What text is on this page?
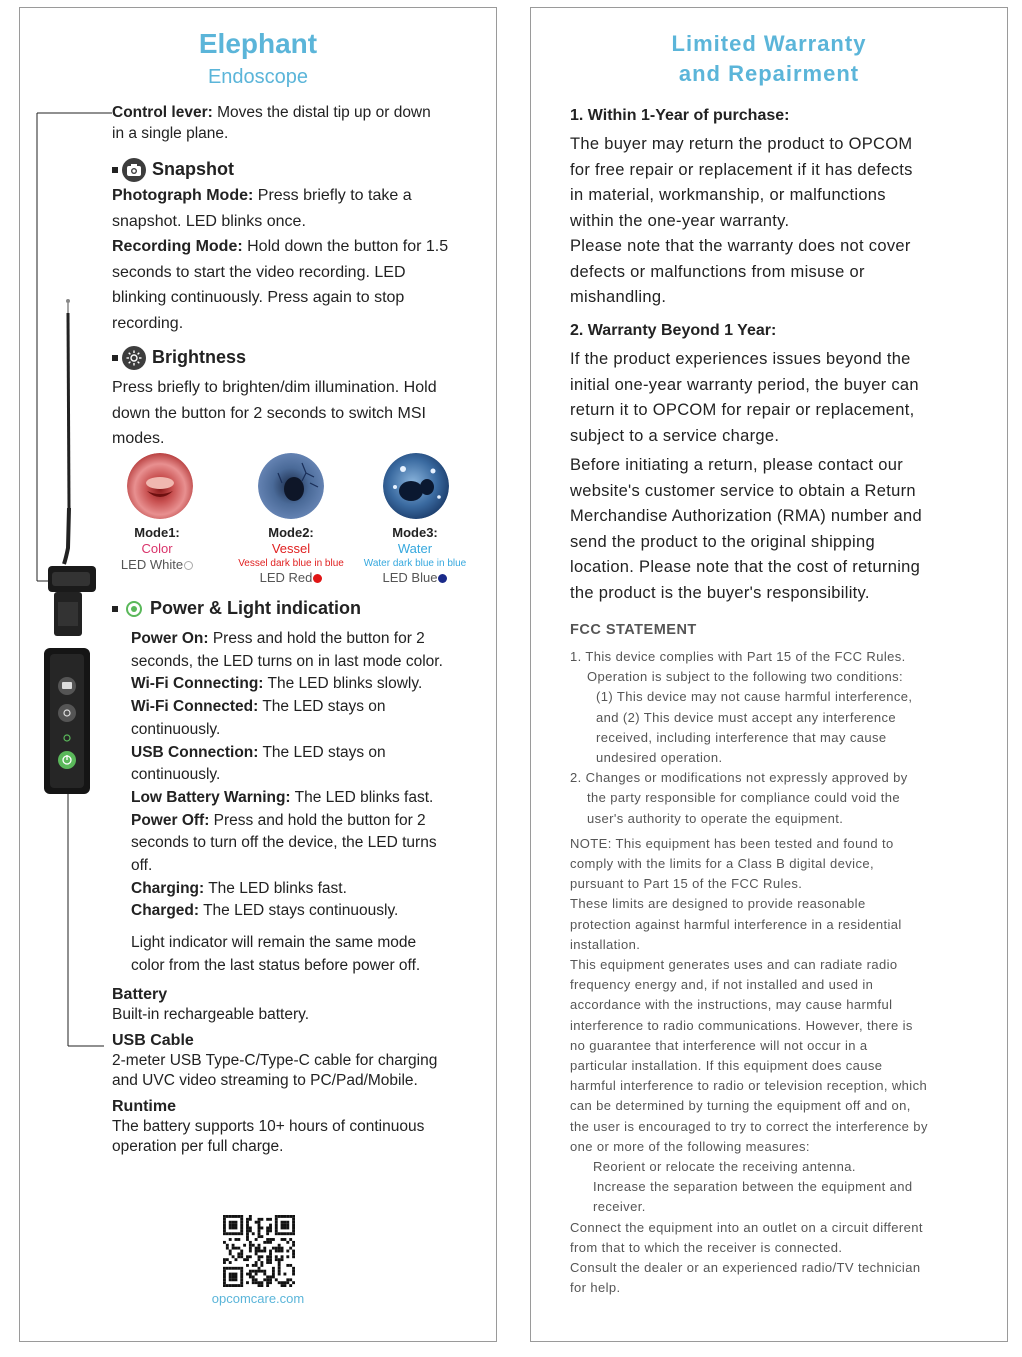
Elephant
Endoscope
Control lever: Moves the distal tip up or down
in a single plane.
Snapshot
Photograph Mode: Press briefly to take a
snapshot. LED blinks once.
Recording Mode: Hold down the button for 1.5
seconds to start the video recording. LED
blinking continuously. Press again to stop
recording.
Brightness
Press briefly to brighten/dim illumination. Hold
down the button for 2 seconds to switch MSI
modes.
Mode1:
Color
LED White
Mode2:
Vessel
Vessel dark blue in blue
LED Red
Mode3:
Water
Water dark blue in blue
LED Blue
Power & Light indication
Power On: Press and hold the button for 2
seconds, the LED turns on in last mode color.
Wi-Fi Connecting: The LED blinks slowly.
Wi-Fi Connected: The LED stays on
continuously.
USB Connection: The LED stays on
continuously.
Low Battery Warning: The LED blinks fast.
Power Off: Press and hold the button for 2
seconds to turn off the device, the LED turns
off.
Charging: The LED blinks fast.
Charged: The LED stays continuously.
Light indicator will remain the same mode
color from the last status before power off.
Battery
Built-in rechargeable battery.
USB Cable
2-meter USB Type-C/Type-C cable for charging
and UVC video streaming to PC/Pad/Mobile.
Runtime
The battery supports 10+ hours of continuous
operation per full charge.
opcomcare.com
Limited Warranty
and Repairment
1. Within 1-Year of purchase:
The buyer may return the product to OPCOM
for free repair or replacement if it has defects
in material, workmanship, or malfunctions
within the one-year warranty.
Please note that the warranty does not cover
defects or malfunctions from misuse or
mishandling.
2. Warranty Beyond 1 Year:
If the product experiences issues beyond the
initial one-year warranty period, the buyer can
return it to OPCOM for repair or replacement,
subject to a service charge.
Before initiating a return, please contact our
website's customer service to obtain a Return
Merchandise Authorization (RMA) number and
send the product to the original shipping
location. Please note that the cost of returning
the product is the buyer's responsibility.
FCC STATEMENT
1. This device complies with Part 15 of the FCC Rules.
Operation is subject to the following two conditions:
(1) This device may not cause harmful interference,
and (2) This device must accept any interference
received, including interference that may cause
undesired operation.
2. Changes or modifications not expressly approved by
the party responsible for compliance could void the
user's authority to operate the equipment.
NOTE: This equipment has been tested and found to
comply with the limits for a Class B digital device,
pursuant to Part 15 of the FCC Rules.
These limits are designed to provide reasonable
protection against harmful interference in a residential
installation.
This equipment generates uses and can radiate radio
frequency energy and, if not installed and used in
accordance with the instructions, may cause harmful
interference to radio communications. However, there is
no guarantee that interference will not occur in a
particular installation. If this equipment does cause
harmful interference to radio or television reception, which
can be determined by turning the equipment off and on,
the user is encouraged to try to correct the interference by
one or more of the following measures:
Reorient or relocate the receiving antenna.
Increase the separation between the equipment and
receiver.
Connect the equipment into an outlet on a circuit different
from that to which the receiver is connected.
Consult the dealer or an experienced radio/TV technician
for help.
